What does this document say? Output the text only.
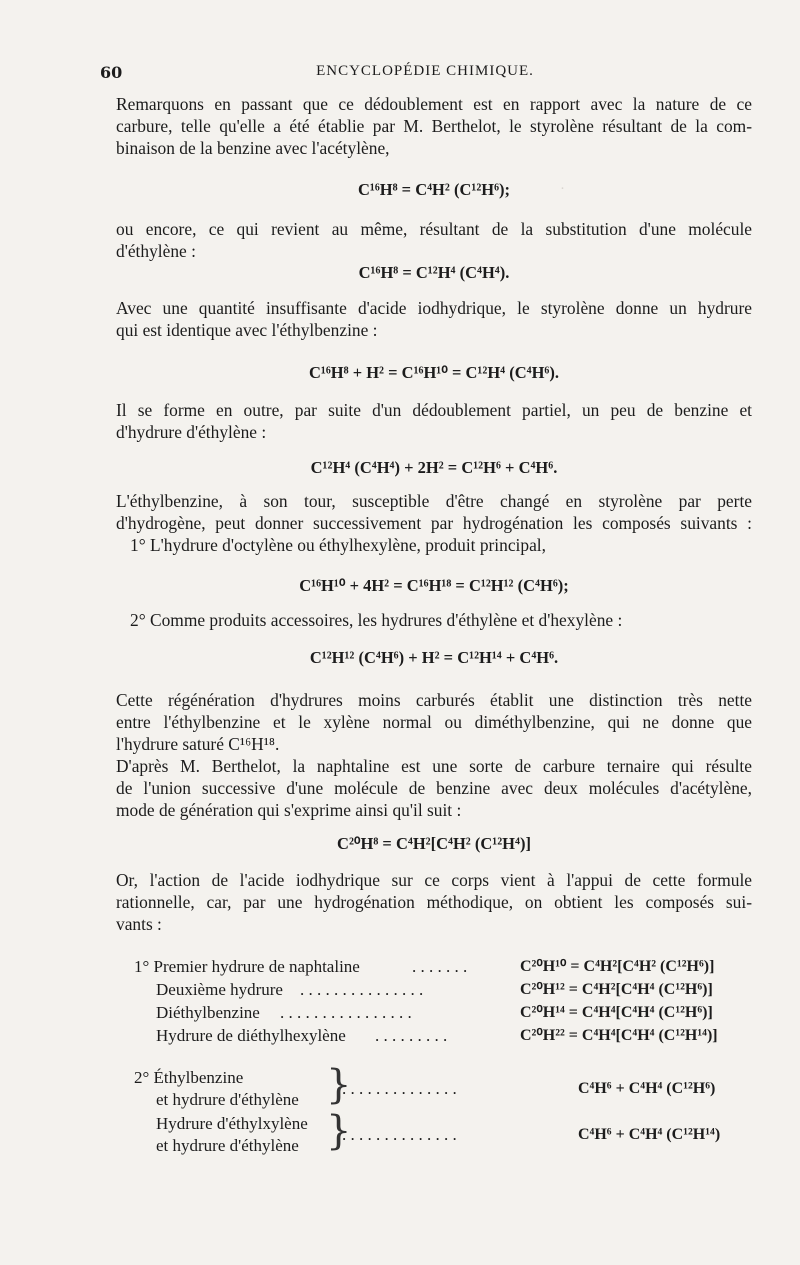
·
60	ENCYCLOPÉDIE CHIMIQUE.
Remarquons en passant que ce dédoublement est en rapport avec la nature de ce
carbure, telle qu'elle a été établie par M. Berthelot, le styrolène résultant de la com-
binaison de la benzine avec l'acétylène,
C¹⁶H⁸ = C⁴H² (C¹²H⁶);
ou encore, ce qui revient au même, résultant de la substitution d'une molécule
d'éthylène :
C¹⁶H⁸ = C¹²H⁴ (C⁴H⁴).
Avec une quantité insuffisante d'acide iodhydrique, le styrolène donne un hydrure
qui est identique avec l'éthylbenzine :
C¹⁶H⁸ + H² = C¹⁶H¹⁰ = C¹²H⁴ (C⁴H⁶).
Il se forme en outre, par suite d'un dédoublement partiel, un peu de benzine et
d'hydrure d'éthylène :
C¹²H⁴ (C⁴H⁴) + 2H² = C¹²H⁶ + C⁴H⁶.
L'éthylbenzine, à son tour, susceptible d'être changé en styrolène par perte
d'hydrogène, peut donner successivement par hydrogénation les composés suivants :
1° L'hydrure d'octylène ou éthylhexylène, produit principal,
C¹⁶H¹⁰ + 4H² = C¹⁶H¹⁸ = C¹²H¹² (C⁴H⁶);
2° Comme produits accessoires, les hydrures d'éthylène et d'hexylène :
C¹²H¹² (C⁴H⁶) + H² = C¹²H¹⁴ + C⁴H⁶.
Cette régénération d'hydrures moins carburés établit une distinction très nette
entre l'éthylbenzine et le xylène normal ou diméthylbenzine, qui ne donne que
l'hydrure saturé C¹⁶H¹⁸.
D'après M. Berthelot, la naphtaline est une sorte de carbure ternaire qui résulte
de l'union successive d'une molécule de benzine avec deux molécules d'acétylène,
mode de génération qui s'exprime ainsi qu'il suit :
C²⁰H⁸ = C⁴H²[C⁴H² (C¹²H⁴)]
Or, l'action de l'acide iodhydrique sur ce corps vient à l'appui de cette formule
rationnelle, car, par une hydrogénation méthodique, on obtient les composés sui-
vants :
1° Premier hydrure de naphtaline	. . . . . . .	C²⁰H¹⁰ = C⁴H²[C⁴H² (C¹²H⁶)]
Deuxième hydrure . . . . . . . . . . . . . . .	C²⁰H¹² = C⁴H²[C⁴H⁴ (C¹²H⁶)]
Diéthylbenzine . . . . . . . . . . . . . . . .	C²⁰H¹⁴ = C⁴H⁴[C⁴H⁴ (C¹²H⁶)]
Hydrure de diéthylhexylène . . . . . . . . .	C²⁰H²² = C⁴H⁴[C⁴H⁴ (C¹²H¹⁴)]
2° Éthylbenzine
et hydrure d'éthylène }
. . . . . . . . . . . . . .	C⁴H⁶ + C⁴H⁴ (C¹²H⁶)
Hydrure d'éthylxylène
et hydrure d'éthylène }
. . . . . . . . . . . . . .	C⁴H⁶ + C⁴H⁴ (C¹²H¹⁴)
